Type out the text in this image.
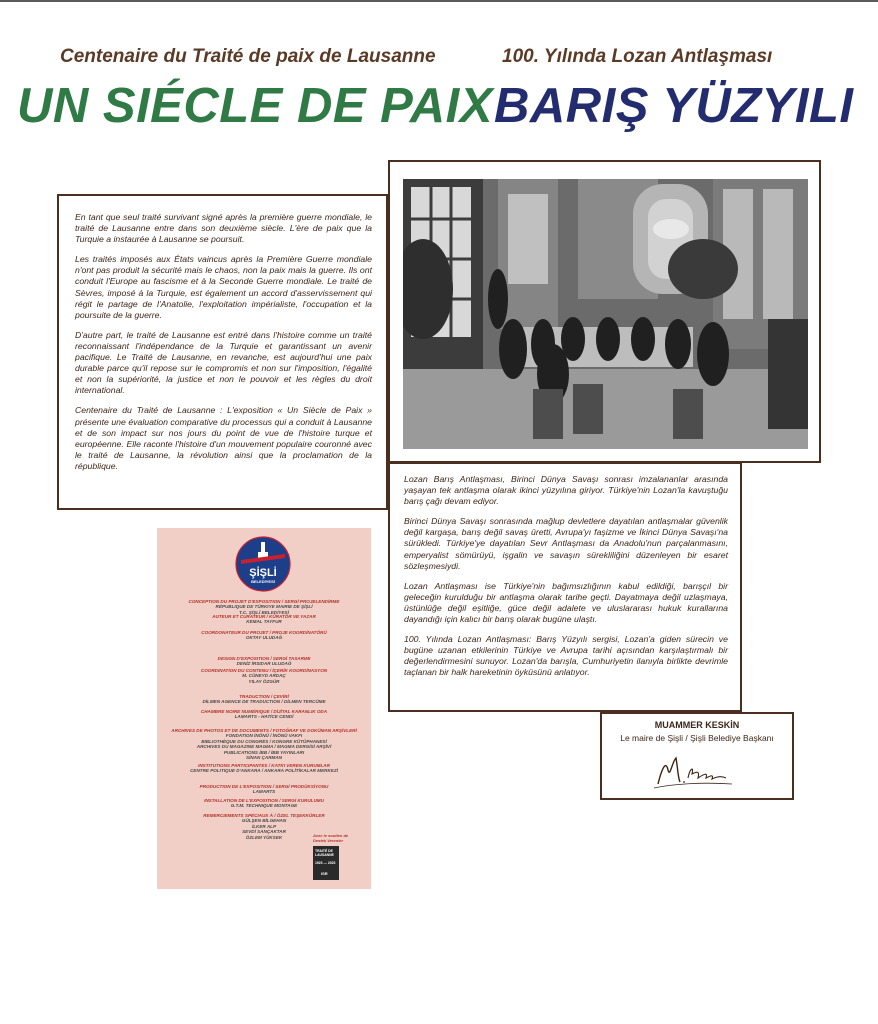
Centenaire du Traité de paix de Lausanne	100. Yılında Lozan Antlaşması
UN SIÉCLE DE PAIX BARIŞ YÜZYILI

En tant que seul traité survivant signé après la première guerre mondiale, le traité de Lausanne entre dans son deuxième siècle. L'ère de paix que la Turquie a instaurée à Lausanne se poursuit.

Les traités imposés aux États vaincus après la Première Guerre mondiale n'ont pas produit la sécurité mais le chaos, non la paix mais la guerre. Ils ont conduit l'Europe au fascisme et à la Seconde Guerre mondiale. Le traité de Sèvres, imposé à la Turquie, est également un accord d'asservissement qui régit le partage de l'Anatolie, l'exploitation impérialiste, l'occupation et la poursuite de la guerre.

D'autre part, le traité de Lausanne est entré dans l'histoire comme un traité reconnaissant l'indépendance de la Turquie et garantissant un avenir pacifique. Le Traité de Lausanne, en revanche, est aujourd'hui une paix durable parce qu'il repose sur le compromis et non sur l'imposition, l'égalité et non la supériorité, la justice et non le pouvoir et les règles du droit international.

Centenaire du Traité de Lausanne : L'exposition « Un Siècle de Paix » présente une évaluation comparative du processus qui a conduit à Lausanne et de son impact sur nos jours du point de vue de l'histoire turque et européenne. Elle raconte l'histoire d'un mouvement populaire couronné avec le traité de Lausanne, la révolution ainsi que la proclamation de la république.

Lozan Barış Antlaşması, Birinci Dünya Savaşı sonrası imzalananlar arasında yaşayan tek antlaşma olarak ikinci yüzyılına giriyor. Türkiye'nin Lozan'la kavuştuğu barış çağı devam ediyor.

Birinci Dünya Savaşı sonrasında mağlup devletlere dayatılan antlaşmalar güvenlik değil kargaşa, barış değil savaş üretti, Avrupa'yı faşizme ve İkinci Dünya Savaşı'na sürükledi. Türkiye'ye dayatılan Sevr Antlaşması da Anadolu'nun parçalanmasını, emperyalist sömürüyü, işgalin ve savaşın sürekliliğini düzenleyen bir esaret sözleşmesiydi.

Lozan Antlaşması ise Türkiye'nin bağımsızlığının kabul edildiği, barışçıl bir geleceğin kurulduğu bir antlaşma olarak tarihe geçti. Dayatmaya değil uzlaşmaya, üstünlüğe değil eşitliğe, güce değil adalete ve uluslararası hukuk kurallarına dayandığı için kalıcı bir barış olarak bugüne ulaştı.

100. Yılında Lozan Antlaşması: Barış Yüzyılı sergisi, Lozan'a giden sürecin ve bugüne uzanan etkilerinin Türkiye ve Avrupa tarihi açısından karşılaştırmalı bir değerlendirmesini sunuyor. Lozan'da barışla, Cumhuriyetin ilanıyla birlikte devrimle taçlanan bir halk hareketinin öyküsünü anlatıyor.

MUAMMER KESKİN

Le maire de Şişli / Şişli Belediye Başkanı

ŞİŞLİ
BELEDİYESİ

CONCEPTION DU PROJET D'EXPOSITION / SERGİ PROJELENDİRME
RÉPUBLIQUE DE TÜRKIYE MAIRIE DE ŞİŞLİ
T.C. ŞİŞLİ BELEDİYESİ

AUTEUR ET CURATEUR / KÜRATÖR VE YAZAR
KEMAL TAYFUR

COORDONATEUR DU PROJET / PROJE KOORDİNATÖRÜ
OKTAY ULUDAĞ

DESIGN D'EXPOSITION / SERGİ TASARIMI
DENİZ İRSIDAR ULUDAĞ

COORDINATION DU CONTENU / İÇERİK KOORDİNASYON
M. CÜNEYD ARDAÇ
YILAY ÖZGÜR

TRADUCTION / ÇEVİRİ
DİLMEN AGENCE DE TRADUCTION / DİLMEN TERCÜME

CHAMBRE NOIRE NUMÉRIQUE / DİJİTAL KARANLIK ODA
LAMARTS - HATİCE CENDİ

ARCHIVES DE PHOTOS ET DE DOCUMENTS / FOTOĞRAF VE DOKÜMAN ARŞİVLERİ
FONDATION İNÖNÜ / İNÖNÜ VAKFI
BIBLIOTHÈQUE DU CONGRÈS / KONGRE KÜTÜPHANESİ
ARCHIVES DU MAGAZINE MAGMA / MAGMA DERGİSİ ARŞİVİ
PUBLICATIONS İBB / İBB YAYINLARI
SİNAN ÇARMAN

INSTITUTIONS PARTICIPANTES / KATKI VEREN KURUMLAR
CENTRE POLITIQUE D'ANKARA / ANKARA POLİTİKALAR MERKEZİ

PRODUCTION DE L'EXPOSITION / SERGİ PRODÜKSİYONU
LAMARTS

INSTALLATION DE L'EXPOSITION / SERGİ KURULUMU
G.T.M. TECHNIQUE MONTAGE

REMERCIEMENTS SPÉCIAUX À / ÖZEL TEŞEKKÜRLER
GÜLŞEN BİLGEHAN
İLKER ALP
SEVDİ SANÇAKTAR
ÖZLEM YÜKSEK	Avec le soutien de
Destek Verenler

TRAITÉ DE LAUSANNE

1923 — 2023

ISR
